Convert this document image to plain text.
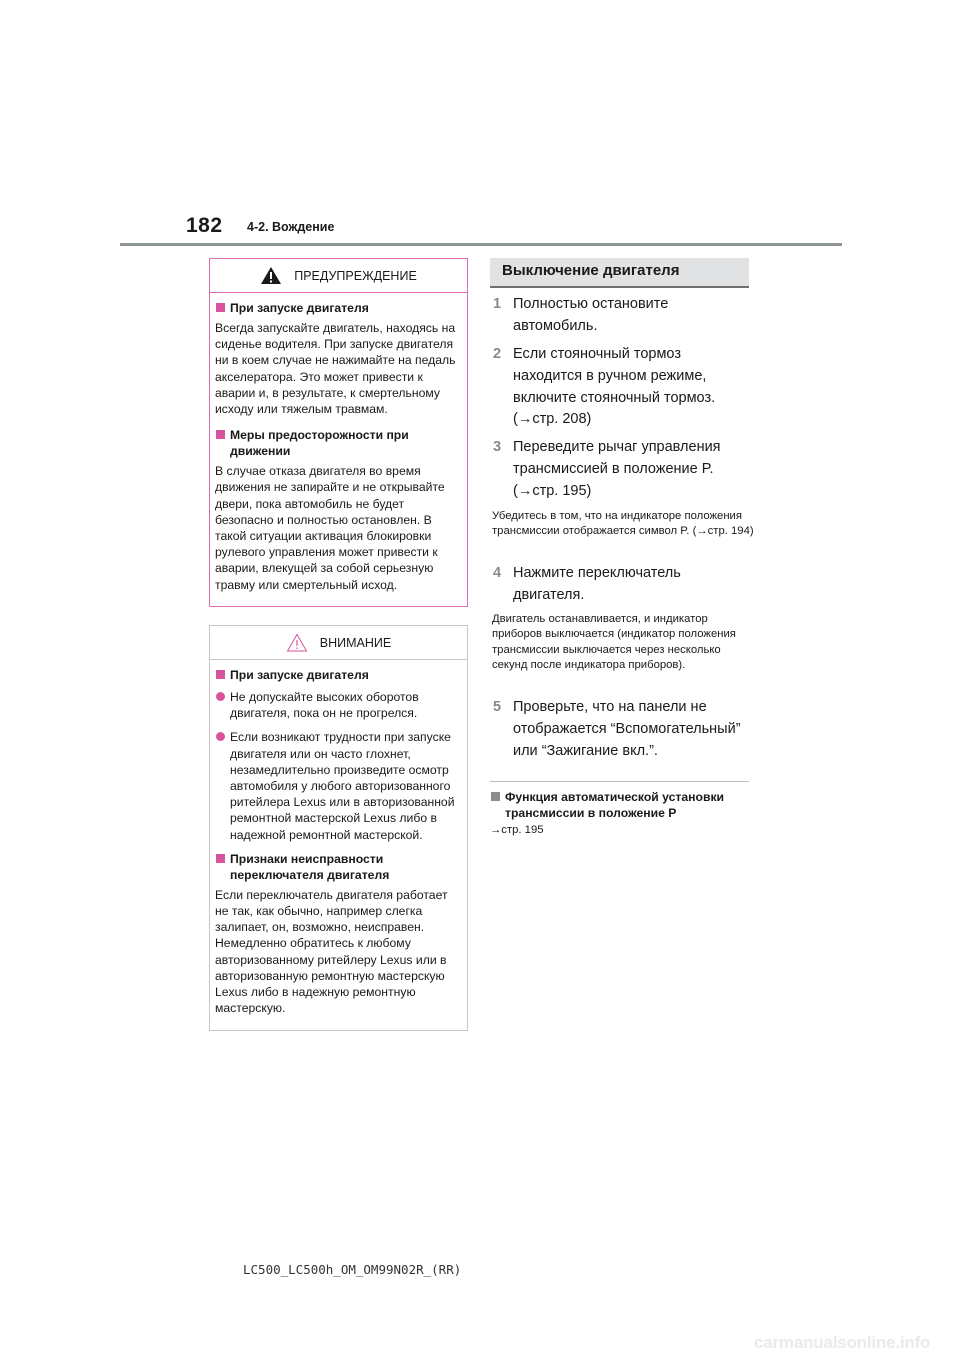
182 4-2. Вождение
ПРЕДУПРЕЖДЕНИЕ
При запуске двигателя
Всегда запускайте двигатель, находясь на сиденье водителя. При запуске двигателя ни в коем случае не нажимайте на педаль акселератора. Это может привести к аварии и, в результате, к смертельному исходу или тяжелым травмам.
Меры предосторожности при движении
В случае отказа двигателя во время движения не запирайте и не открывайте двери, пока автомобиль не будет безопасно и полностью остановлен. В такой ситуации активация блокировки рулевого управления может привести к аварии, влекущей за собой серьезную травму или смертельный исход.
ВНИМАНИЕ
При запуске двигателя
Не допускайте высоких оборотов двигателя, пока он не прогрелся.
Если возникают трудности при запуске двигателя или он часто глохнет, незамедлительно произведите осмотр автомобиля у любого авторизованного ритейлера Lexus или в авторизованной ремонтной мастерской Lexus либо в надежной ремонтной мастерской.
Признаки неисправности переключателя двигателя
Если переключатель двигателя работает не так, как обычно, например слегка залипает, он, возможно, неисправен. Немедленно обратитесь к любому авторизованному ритейлеру Lexus или в авторизованную ремонтную мастерскую Lexus либо в надежную ремонтную мастерскую.
Выключение двигателя
1 Полностью остановите автомобиль.
2 Если стояночный тормоз находится в ручном режиме, включите стояночный тормоз. (→стр. 208)
3 Переведите рычаг управления трансмиссией в положение P. (→стр. 195)
Убедитесь в том, что на индикаторе положения трансмиссии отображается символ P. (→стр. 194)
4 Нажмите переключатель двигателя.
Двигатель останавливается, и индикатор приборов выключается (индикатор положения трансмиссии выключается через несколько секунд после индикатора приборов).
5 Проверьте, что на панели не отображается “Вспомогательный” или “Зажигание вкл.”.
Функция автоматической установки трансмиссии в положение P
→стр. 195
LC500_LC500h_OM_OM99N02R_(RR)
carmanualsonline.info
